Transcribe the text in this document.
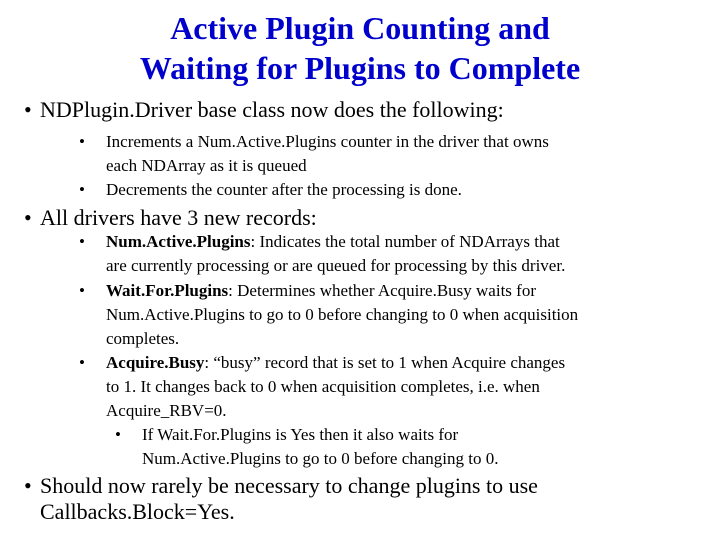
Active Plugin Counting and
Waiting for Plugins to Complete
•
NDPlugin.Driver base class now does the following:
•
Increments a Num.Active.Plugins counter in the driver that owns
each NDArray as it is queued
•
Decrements the counter after the processing is done.
•
All drivers have 3 new records:
•
Num.Active.Plugins: Indicates the total number of NDArrays that
are currently processing or are queued for processing by this driver.
•
Wait.For.Plugins: Determines whether Acquire.Busy waits for
Num.Active.Plugins to go to 0 before changing to 0 when acquisition
completes.
•
Acquire.Busy: “busy” record that is set to 1 when Acquire changes
to 1. It changes back to 0 when acquisition completes, i.e. when
Acquire_RBV=0.
•
If Wait.For.Plugins is Yes then it also waits for
Num.Active.Plugins to go to 0 before changing to 0.
•
Should now rarely be necessary to change plugins to use
Callbacks.Block=Yes.
